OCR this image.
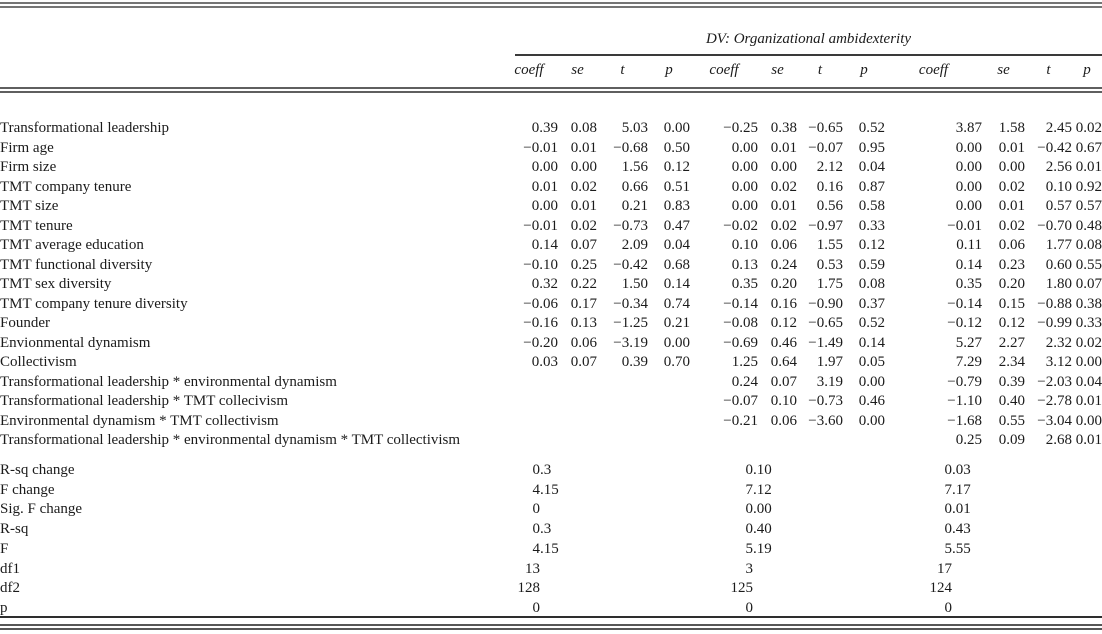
DV: Organizational ambidexterity
	coeff	se	t	p	coeff	se	t	p	coeff	se	t	p
Transformational leadership	0.39	0.08	5.03	0.00	−0.25	0.38	−0.65	0.52	3.87	1.58	2.45	0.02
Firm age	−0.01	0.01	−0.68	0.50	0.00	0.01	−0.07	0.95	0.00	0.01	−0.42	0.67
Firm size	0.00	0.00	1.56	0.12	0.00	0.00	2.12	0.04	0.00	0.00	2.56	0.01
TMT company tenure	0.01	0.02	0.66	0.51	0.00	0.02	0.16	0.87	0.00	0.02	0.10	0.92
TMT size	0.00	0.01	0.21	0.83	0.00	0.01	0.56	0.58	0.00	0.01	0.57	0.57
TMT tenure	−0.01	0.02	−0.73	0.47	−0.02	0.02	−0.97	0.33	−0.01	0.02	−0.70	0.48
TMT average education	0.14	0.07	2.09	0.04	0.10	0.06	1.55	0.12	0.11	0.06	1.77	0.08
TMT functional diversity	−0.10	0.25	−0.42	0.68	0.13	0.24	0.53	0.59	0.14	0.23	0.60	0.55
TMT sex diversity	0.32	0.22	1.50	0.14	0.35	0.20	1.75	0.08	0.35	0.20	1.80	0.07
TMT company tenure diversity	−0.06	0.17	−0.34	0.74	−0.14	0.16	−0.90	0.37	−0.14	0.15	−0.88	0.38
Founder	−0.16	0.13	−1.25	0.21	−0.08	0.12	−0.65	0.52	−0.12	0.12	−0.99	0.33
Envionmental dynamism	−0.20	0.06	−3.19	0.00	−0.69	0.46	−1.49	0.14	5.27	2.27	2.32	0.02
Collectivism	0.03	0.07	0.39	0.70	1.25	0.64	1.97	0.05	7.29	2.34	3.12	0.00
Transformational leadership * environmental dynamism					0.24	0.07	3.19	0.00	−0.79	0.39	−2.03	0.04
Transformational leadership * TMT collecivism					−0.07	0.10	−0.73	0.46	−1.10	0.40	−2.78	0.01
Environmental dynamism * TMT collectivism					−0.21	0.06	−3.60	0.00	−1.68	0.55	−3.04	0.00
Transformational leadership * environmental dynamism * TMT collectivism									0.25	0.09	2.68	0.01
R-sq change	0.3	0.10	0.03
F change	4.15	7.12	7.17
Sig. F change	0	0.00	0.01
R-sq	0.3	0.40	0.43
F	4.15	5.19	5.55
df1	13	3	17
df2	128	125	124
p	0	0	0
